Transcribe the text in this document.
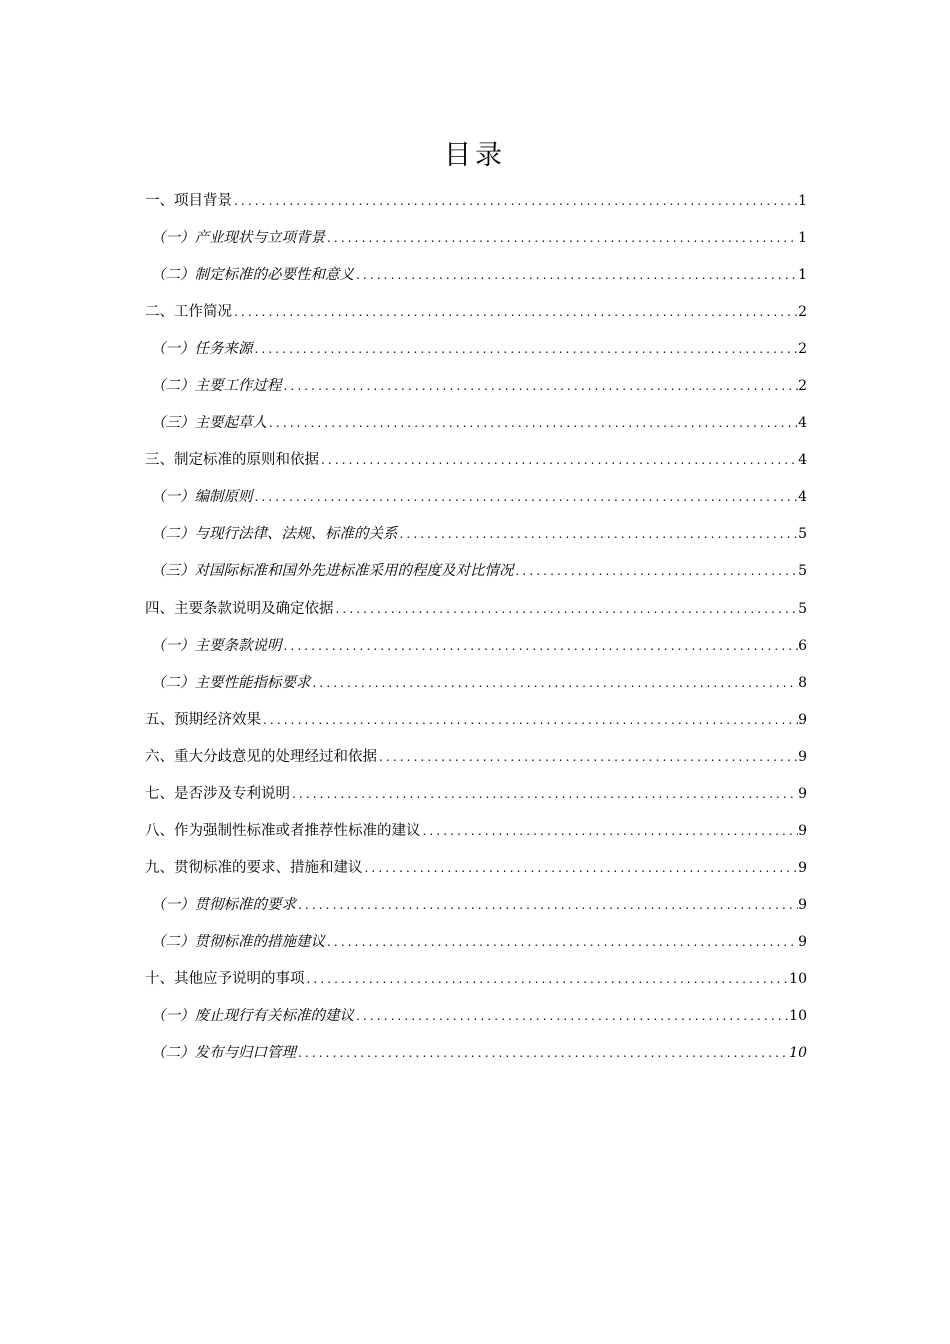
目录
一、项目背景 .....	1
（一）产业现状与立项背景 .....	1
（二）制定标准的必要性和意义 .....	1
二、工作简况 .....	2
（一）任务来源 .....	2
（二）主要工作过程 .....	2
（三）主要起草人 .....	4
三、制定标准的原则和依据 .....	4
（一）编制原则 .....	4
（二）与现行法律、法规、标准的关系 .....	5
（三）对国际标准和国外先进标准采用的程度及对比情况 .....	5
四、主要条款说明及确定依据 .....	5
（一）主要条款说明 .....	6
（二）主要性能指标要求 .....	8
五、预期经济效果 .....	9
六、重大分歧意见的处理经过和依据 .....	9
七、是否涉及专利说明 .....	9
八、作为强制性标准或者推荐性标准的建议 .....	9
九、贯彻标准的要求、措施和建议 .....	9
（一）贯彻标准的要求 .....	9
（二）贯彻标准的措施建议 .....	9
十、其他应予说明的事项 .....	10
（一）废止现行有关标准的建议 .....	10
（二）发布与归口管理 .....	10
